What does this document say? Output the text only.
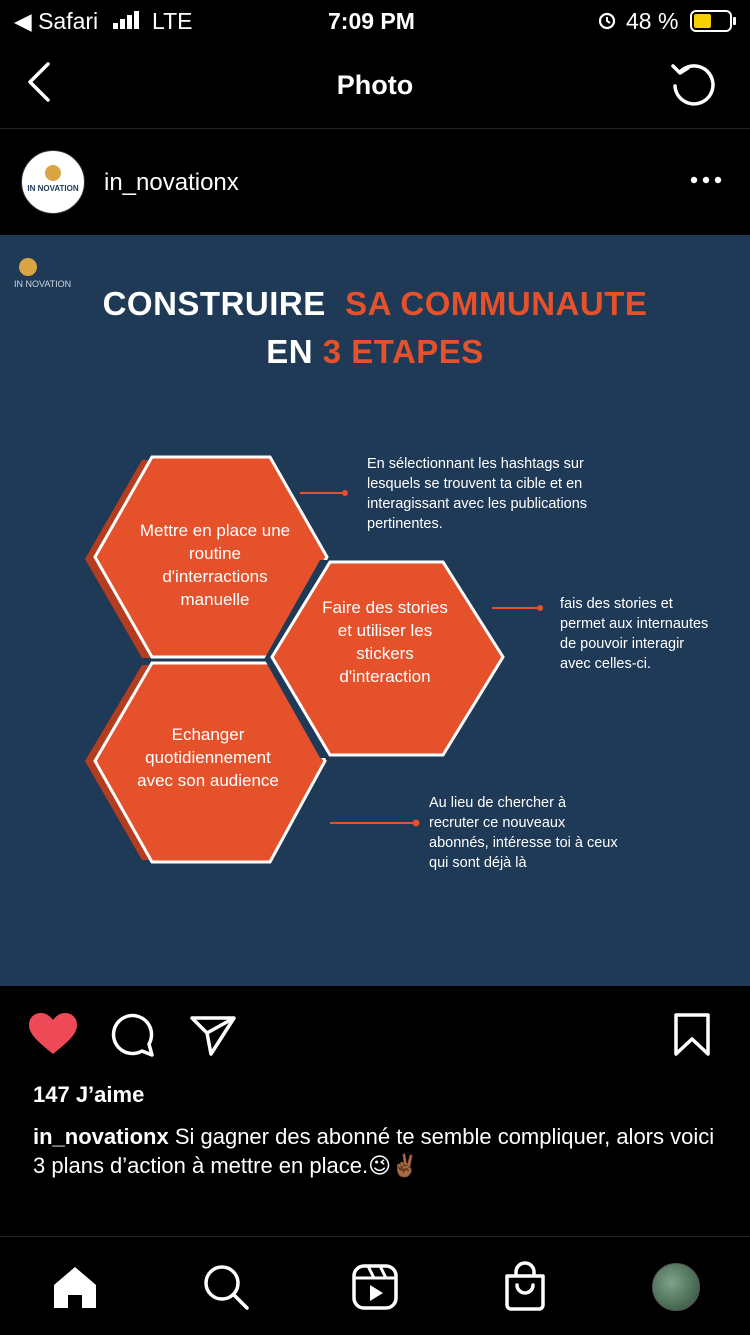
◀ Safari LTE	7:09 PM	48 %
Photo
IN NOVATION in_novationx
IN NOVATION
CONSTRUIRE SA COMMUNAUTE
EN 3 ETAPES
Mettre en place une routine d'interractions manuelle	Faire des stories et utiliser les stickers d'interaction
Echanger quotidiennement avec son audience
En sélectionnant les hashtags sur lesquels se trouvent ta cible et en interagissant avec les publications pertinentes.
fais des stories et permet aux internautes de pouvoir interagir avec celles-ci.
Au lieu de chercher à recruter ce nouveaux abonnés, intéresse toi à ceux qui sont déjà là
147 J’aime
in_novationx Si gagner des abonné te semble compliquer, alors voici 3 plans d’action à mettre en place.😉✌🏾
